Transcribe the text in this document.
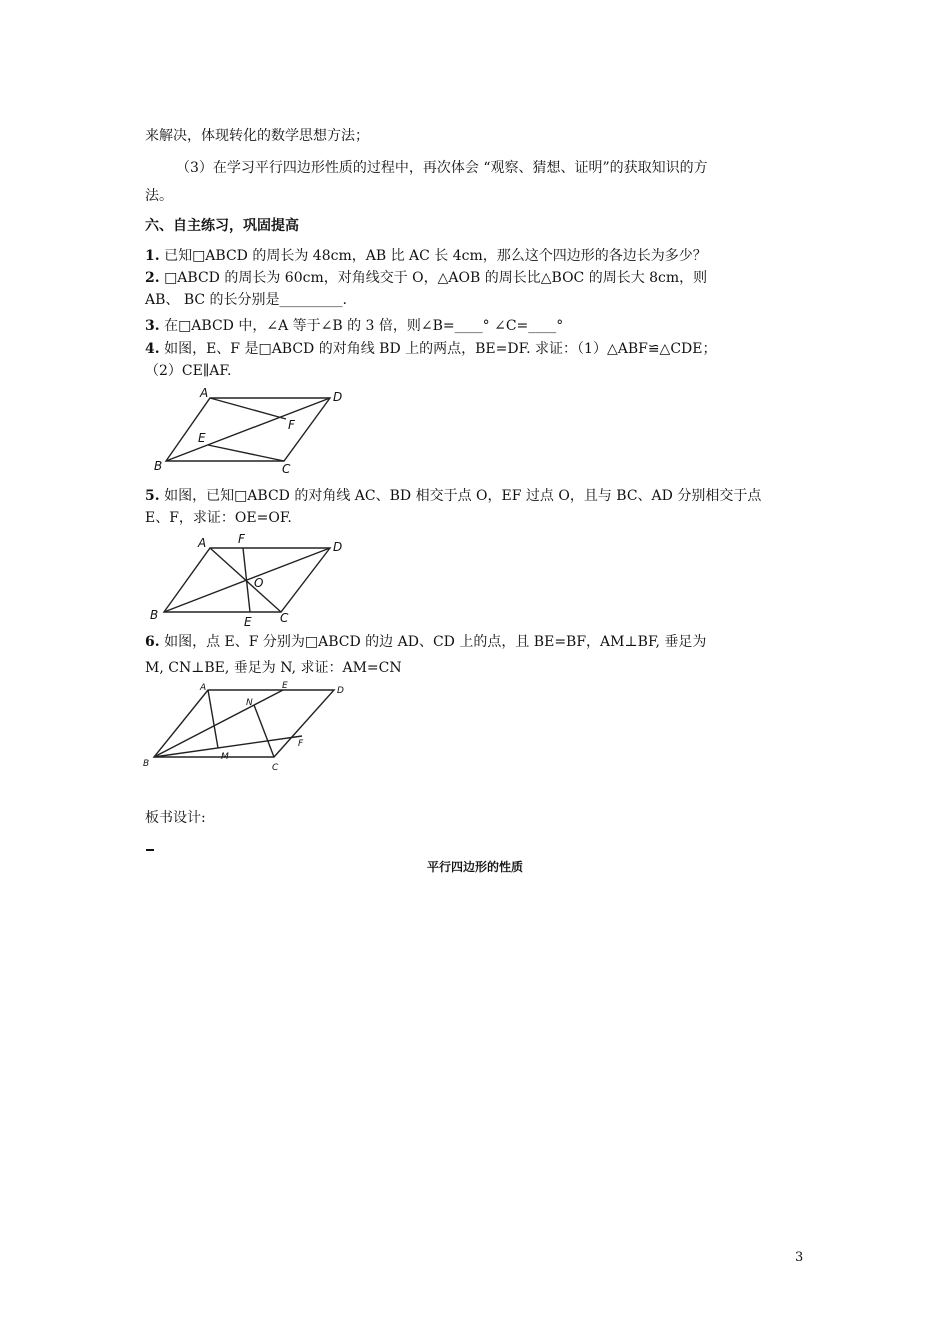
来解决，体现转化的数学思想方法；
（3）在学习平行四边形性质的过程中，再次体会 “观察、猜想、证明”的获取知识的方
法。
六、自主练习，巩固提高
1. 已知□ABCD 的周长为 48cm，AB 比 AC 长 4cm，那么这个四边形的各边长为多少？
2. □ABCD 的周长为 60cm，对角线交于 O，△AOB 的周长比△BOC 的周长大 8cm，则
AB、 BC 的长分别是_________.
3. 在□ABCD 中，∠A 等于∠B 的 3 倍，则∠B=____° ∠C=____°
4. 如图，E、F 是□ABCD 的对角线 BD 上的两点，BE=DF. 求证：（1）△ABF≌△CDE；
（2）CE∥AF.
A	D
F
E
B	C
5. 如图，已知□ABCD 的对角线 AC、BD 相交于点 O，EF 过点 O，且与 BC、AD 分别相交于点
E、F，求证：OE=OF.
A	F
D
O
B	E C
6. 如图，点 E、F 分别为□ABCD 的边 AD、CD 上的点，且 BE=BF，AM⊥BF, 垂足为
M, CN⊥BE, 垂足为 N, 求证：AM=CN
A	E	D
N
F
M
B	C
板书设计:
平行四边形的性质
3
